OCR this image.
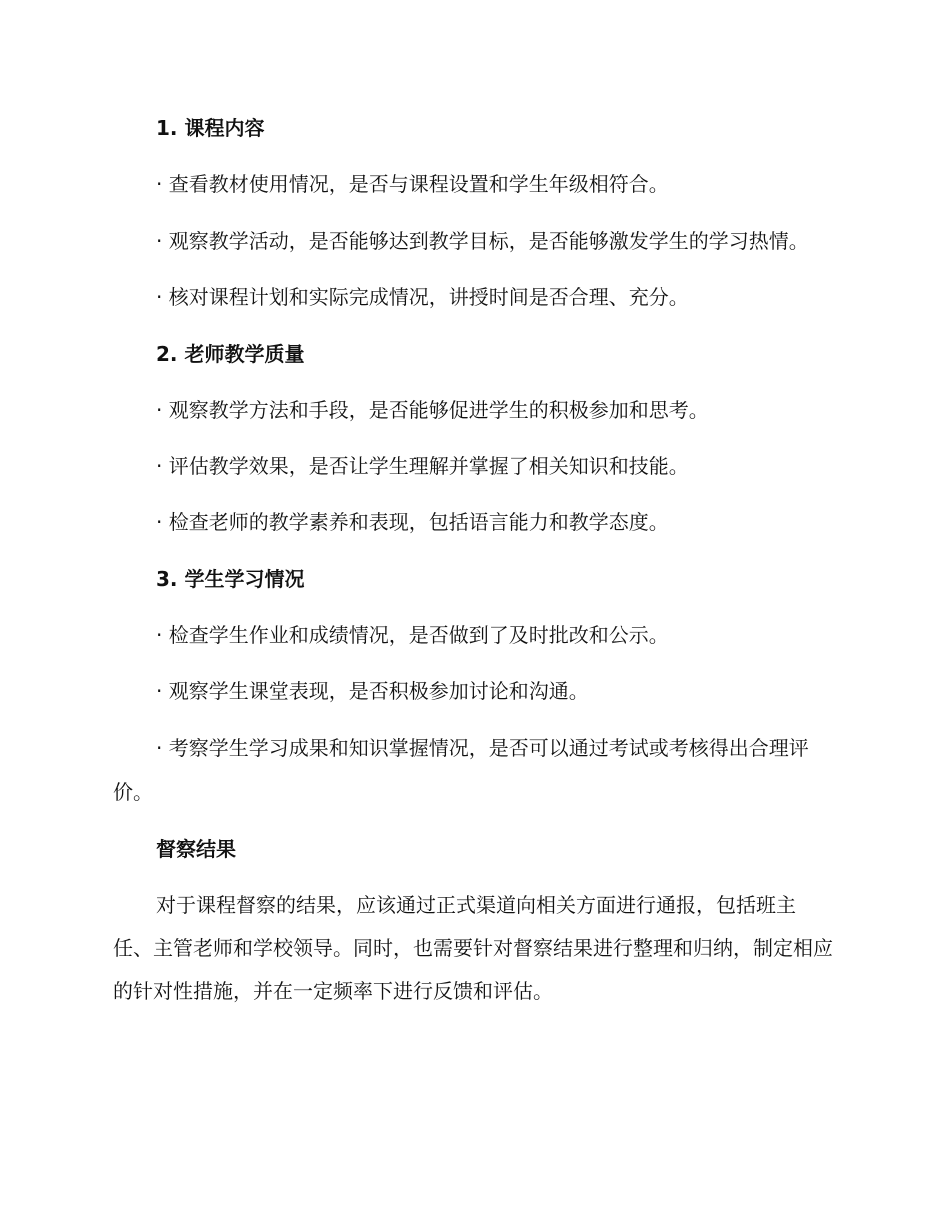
1. 课程内容

· 查看教材使用情况，是否与课程设置和学生年级相符合。

· 观察教学活动，是否能够达到教学目标，是否能够激发学生的学习热情。

· 核对课程计划和实际完成情况，讲授时间是否合理、充分。

2. 老师教学质量

· 观察教学方法和手段，是否能够促进学生的积极参加和思考。

· 评估教学效果，是否让学生理解并掌握了相关知识和技能。

· 检查老师的教学素养和表现，包括语言能力和教学态度。

3. 学生学习情况

· 检查学生作业和成绩情况，是否做到了及时批改和公示。

· 观察学生课堂表现，是否积极参加讨论和沟通。

· 考察学生学习成果和知识掌握情况，是否可以通过考试或考核得出合理评价。

督察结果

对于课程督察的结果，应该通过正式渠道向相关方面进行通报，包括班主任、主管老师和学校领导。同时，也需要针对督察结果进行整理和归纳，制定相应的针对性措施，并在一定频率下进行反馈和评估。
